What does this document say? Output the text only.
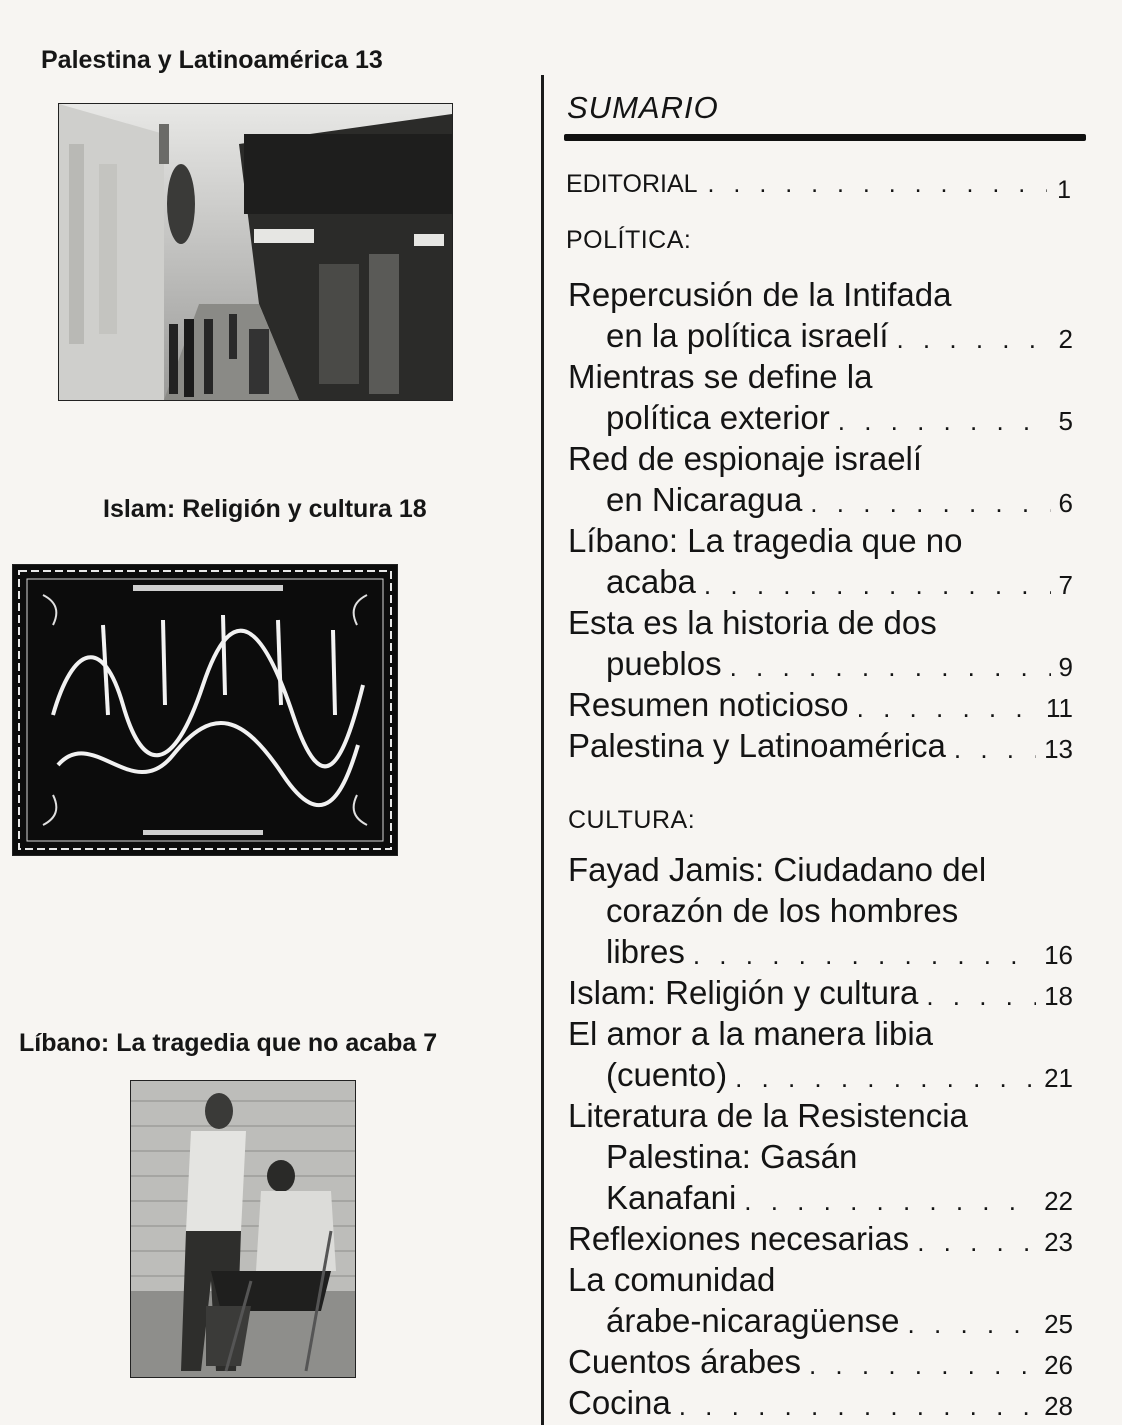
Palestina y Latinoamérica 13
Islam: Religión y cultura 18
Líbano: La tragedia que no acaba 7
SUMARIO
EDITORIAL . . .	1
POLÍTICA:
Repercusión de la Intifada
en la política israelí . . .	2
Mientras se define la
política exterior . . .	5
Red de espionaje israelí
en Nicaragua . . .	6
Líbano: La tragedia que no
acaba . . .	7
Esta es la historia de dos
pueblos . . .	9
Resumen noticioso . . .	11
Palestina y Latinoamérica . . .	13
CULTURA:
Fayad Jamis: Ciudadano del
corazón de los hombres
libres . . .	16
Islam: Religión y cultura . . .	18
El amor a la manera libia
(cuento) . . .	21
Literatura de la Resistencia
Palestina: Gasán
Kanafani . . .	22
Reflexiones necesarias . . .	23
La comunidad
árabe-nicaragüense . . .	25
Cuentos árabes . . .	26
Cocina . . .	28
